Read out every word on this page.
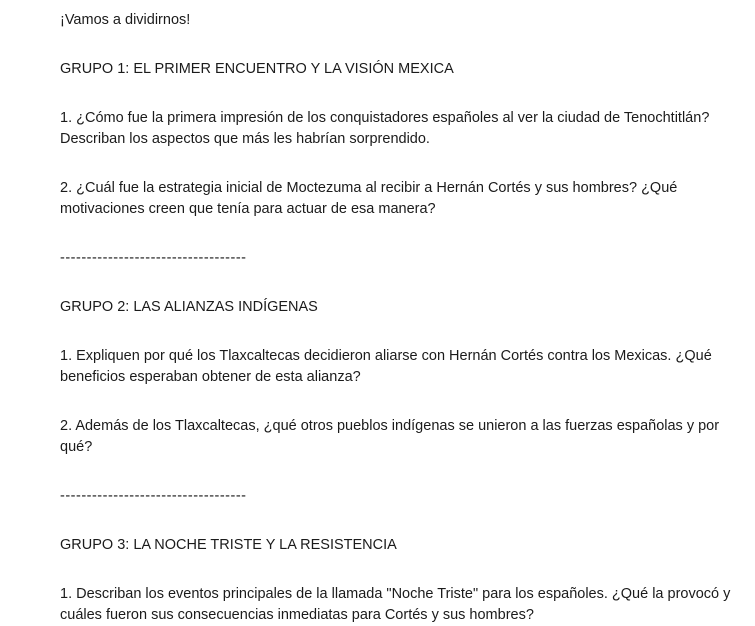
¡Vamos a dividirnos!
GRUPO 1: EL PRIMER ENCUENTRO Y LA VISIÓN MEXICA
1. ¿Cómo fue la primera impresión de los conquistadores españoles al ver la ciudad de Tenochtitlán?
Describan los aspectos que más les habrían sorprendido.
2. ¿Cuál fue la estrategia inicial de Moctezuma al recibir a Hernán Cortés y sus hombres? ¿Qué
motivaciones creen que tenía para actuar de esa manera?
-----------------------------------
GRUPO 2: LAS ALIANZAS INDÍGENAS
1. Expliquen por qué los Tlaxcaltecas decidieron aliarse con Hernán Cortés contra los Mexicas. ¿Qué
beneficios esperaban obtener de esta alianza?
2. Además de los Tlaxcaltecas, ¿qué otros pueblos indígenas se unieron a las fuerzas españolas y por
qué?
-----------------------------------
GRUPO 3: LA NOCHE TRISTE Y LA RESISTENCIA
1. Describan los eventos principales de la llamada "Noche Triste" para los españoles. ¿Qué la provocó y
cuáles fueron sus consecuencias inmediatas para Cortés y sus hombres?
